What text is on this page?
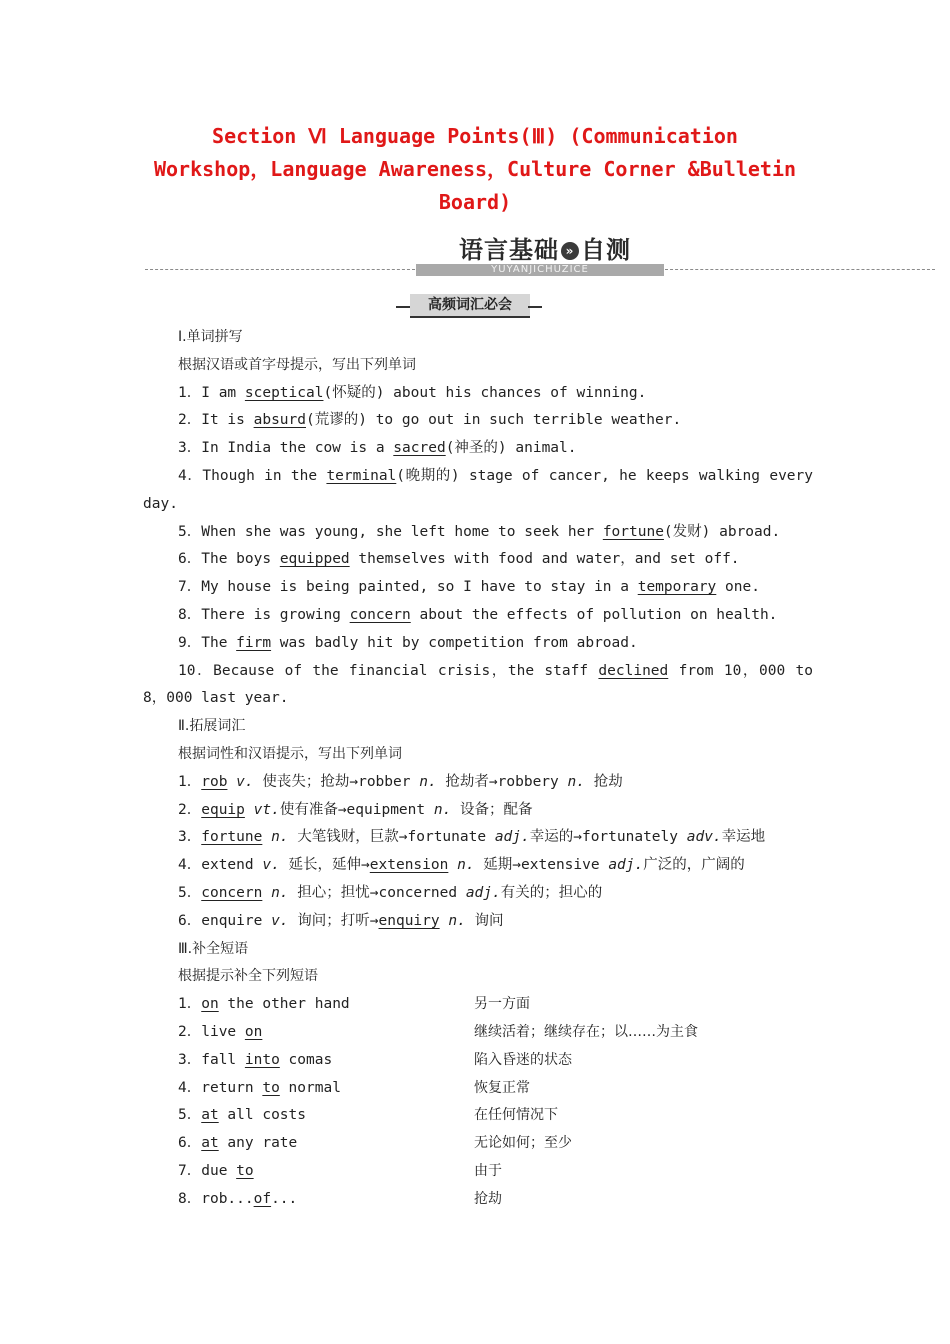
Section Ⅵ Language Points(Ⅲ) (Communication
Workshop，Language Awareness，Culture Corner &Bulletin
Board)
语言基础 » 自测
YUYANJICHUZICE
高频词汇必会
Ⅰ.单词拼写
根据汉语或首字母提示，写出下列单词
1．I am sceptical(怀疑的) about his chances of winning.
2．It is absurd(荒谬的) to go out in such terrible weather.
3．In India the cow is a sacred(神圣的) animal.
4．Though in the terminal(晚期的) stage of cancer, he keeps walking every
day.
5．When she was young, she left home to seek her fortune(发财) abroad.
6．The boys equipped themselves with food and water，and set off.
7．My house is being painted, so I have to stay in a temporary one.
8．There is growing concern about the effects of pollution on health.
9．The firm was badly hit by competition from abroad.
10．Because of the financial crisis，the staff declined from 10，000 to
8，000 last year.
Ⅱ.拓展词汇
根据词性和汉语提示，写出下列单词
1．rob v. 使丧失；抢劫→robber n. 抢劫者→robbery n. 抢劫
2．equip vt.使有准备→equipment n. 设备；配备
3．fortune n. 大笔钱财，巨款→fortunate adj.幸运的→fortunately adv.幸运地
4．extend v. 延长，延伸→extension n. 延期→extensive adj.广泛的，广阔的
5．concern n. 担心；担忧→concerned adj.有关的；担心的
6．enquire v. 询问；打听→enquiry n. 询问
Ⅲ.补全短语
根据提示补全下列短语
1．on the other hand	另一方面
2．live on	继续活着；继续存在；以……为主食
3．fall into comas	陷入昏迷的状态
4．return to normal	恢复正常
5．at all costs	在任何情况下
6．at any rate	无论如何；至少
7．due to	由于
8．rob...of...	抢劫
